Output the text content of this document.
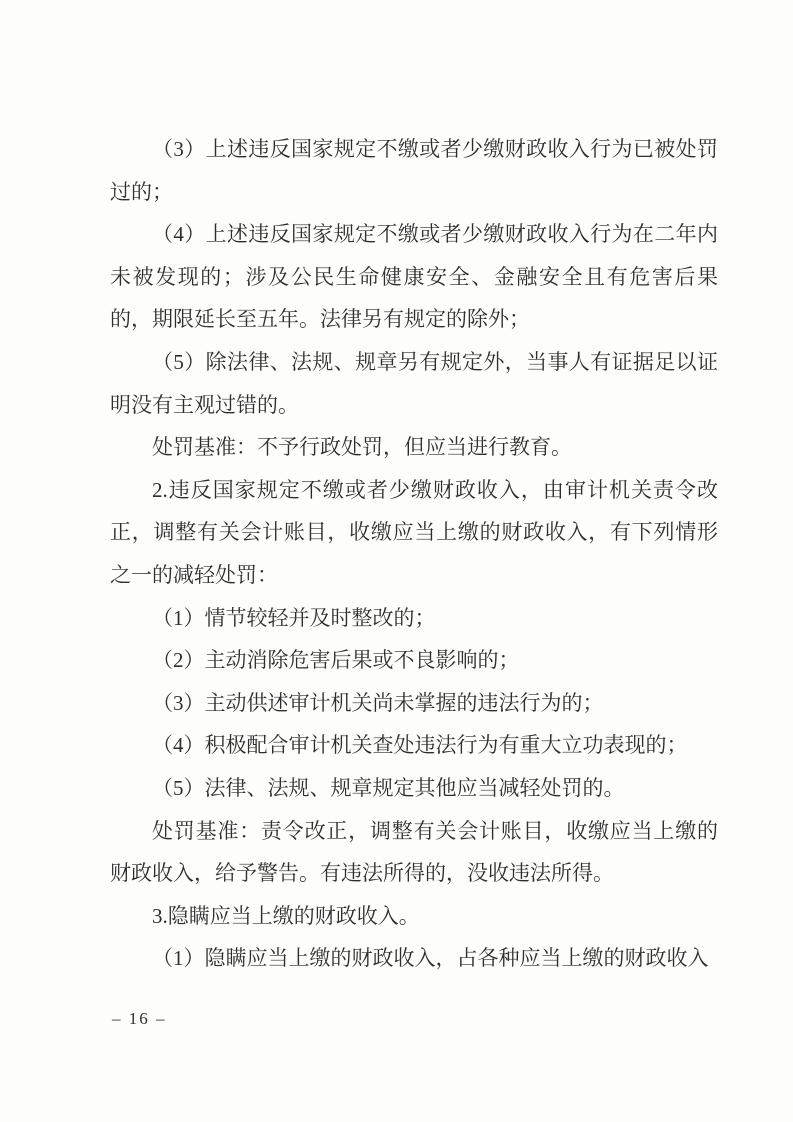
（3）上述违反国家规定不缴或者少缴财政收入行为已被处罚过的；

（4）上述违反国家规定不缴或者少缴财政收入行为在二年内未被发现的；涉及公民生命健康安全、金融安全且有危害后果的，期限延长至五年。法律另有规定的除外；

（5）除法律、法规、规章另有规定外，当事人有证据足以证明没有主观过错的。

处罚基准：不予行政处罚，但应当进行教育。

2.违反国家规定不缴或者少缴财政收入，由审计机关责令改正，调整有关会计账目，收缴应当上缴的财政收入，有下列情形之一的减轻处罚：

（1）情节较轻并及时整改的；

（2）主动消除危害后果或不良影响的；

（3）主动供述审计机关尚未掌握的违法行为的；

（4）积极配合审计机关查处违法行为有重大立功表现的；

（5）法律、法规、规章规定其他应当减轻处罚的。

处罚基准：责令改正，调整有关会计账目，收缴应当上缴的财政收入，给予警告。有违法所得的，没收违法所得。

3.隐瞒应当上缴的财政收入。

（1）隐瞒应当上缴的财政收入，占各种应当上缴的财政收入

– 16 –
